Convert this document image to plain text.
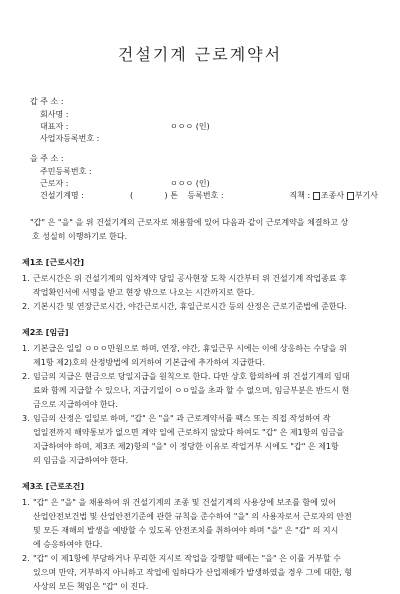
건설기계 근로계약서
갑 주 소 :
회사명 :
대표자 :	ㅇㅇㅇ (인)
사업자등록번호 :
을 주 소 :
주민등록번호 :
근로자 :	ㅇㅇㅇ (인)
건설기계명 :	(	) 톤 등록번호 :	직책 : 조종사 부기사
"갑" 은 "을" 을 위 건설기계의 근로자로 채용함에 있어 다음과 같이 근로계약을 체결하고 상
호 성실히 이행하기로 한다.
제1조 [근로시간]
1. 근로시간은 위 건설기계의 임차계약 당일 공사현장 도착 시간부터 위 건설기계 작업종료 후
작업확인서에 서명을 받고 현장 밖으로 나오는 시간까지로 한다.
2. 기본시간 및 연장근로시간, 야간근로시간, 휴일근로시간 등의 산정은 근로기준법에 준한다.
제2조 [임금]
1. 기본급은 일일 ㅇㅇㅇ만원으로 하며, 연장, 야간, 휴일근무 시에는 이에 상응하는 수당을 위
제1항 제2)호의 산정방법에 의거하여 기본급에 추가하여 지급한다.
2. 임금의 지급은 현금으로 당일지급을 원칙으로 한다. 다만 상호 합의하에 위 건설기계의 임대
료와 함께 지급할 수 있으나, 지급기일이 ㅇㅇ일을 초과 할 수 없으며, 임금부분은 반드시 현
금으로 지급하여야 한다.
3. 임금의 산정은 일일로 하며, "갑" 은 "을" 과 근로계약서를 팩스 또는 직접 작성하여 작
업일전까지 해약통보가 없으면 계약 일에 근로하지 않았다 하여도 "갑" 은 제1항의 임금을
지급하여야 하며, 제3조 제2)항의 "을" 이 정당한 이유로 작업거부 시에도 "갑" 은 제1항
의 임금을 지급하여야 한다.
제3조 [근로조건]
1. "갑" 은 "을" 을 채용하여 위 건설기계의 조종 및 건설기계의 사용상에 보조를 함에 있어
산업안전보건법 및 산업안전기준에 관한 규칙을 준수하여 "을" 의 사용자로서 근로자의 안전
및 모든 재해의 발생을 예방할 수 있도록 안전조치를 취하여야 하며 "을" 은 "갑" 의 지시
에 승응하여야 한다.
2. "갑" 이 제1항에 부당하거나 무리한 지시로 작업을 강행할 때에는 "을" 은 이를 거부할 수
있으며 만약, 거부하지 아니하고 작업에 임하다가 산업재해가 발생하였을 경우 그에 대한, 형
사상의 모든 책임은 "갑" 이 진다.
